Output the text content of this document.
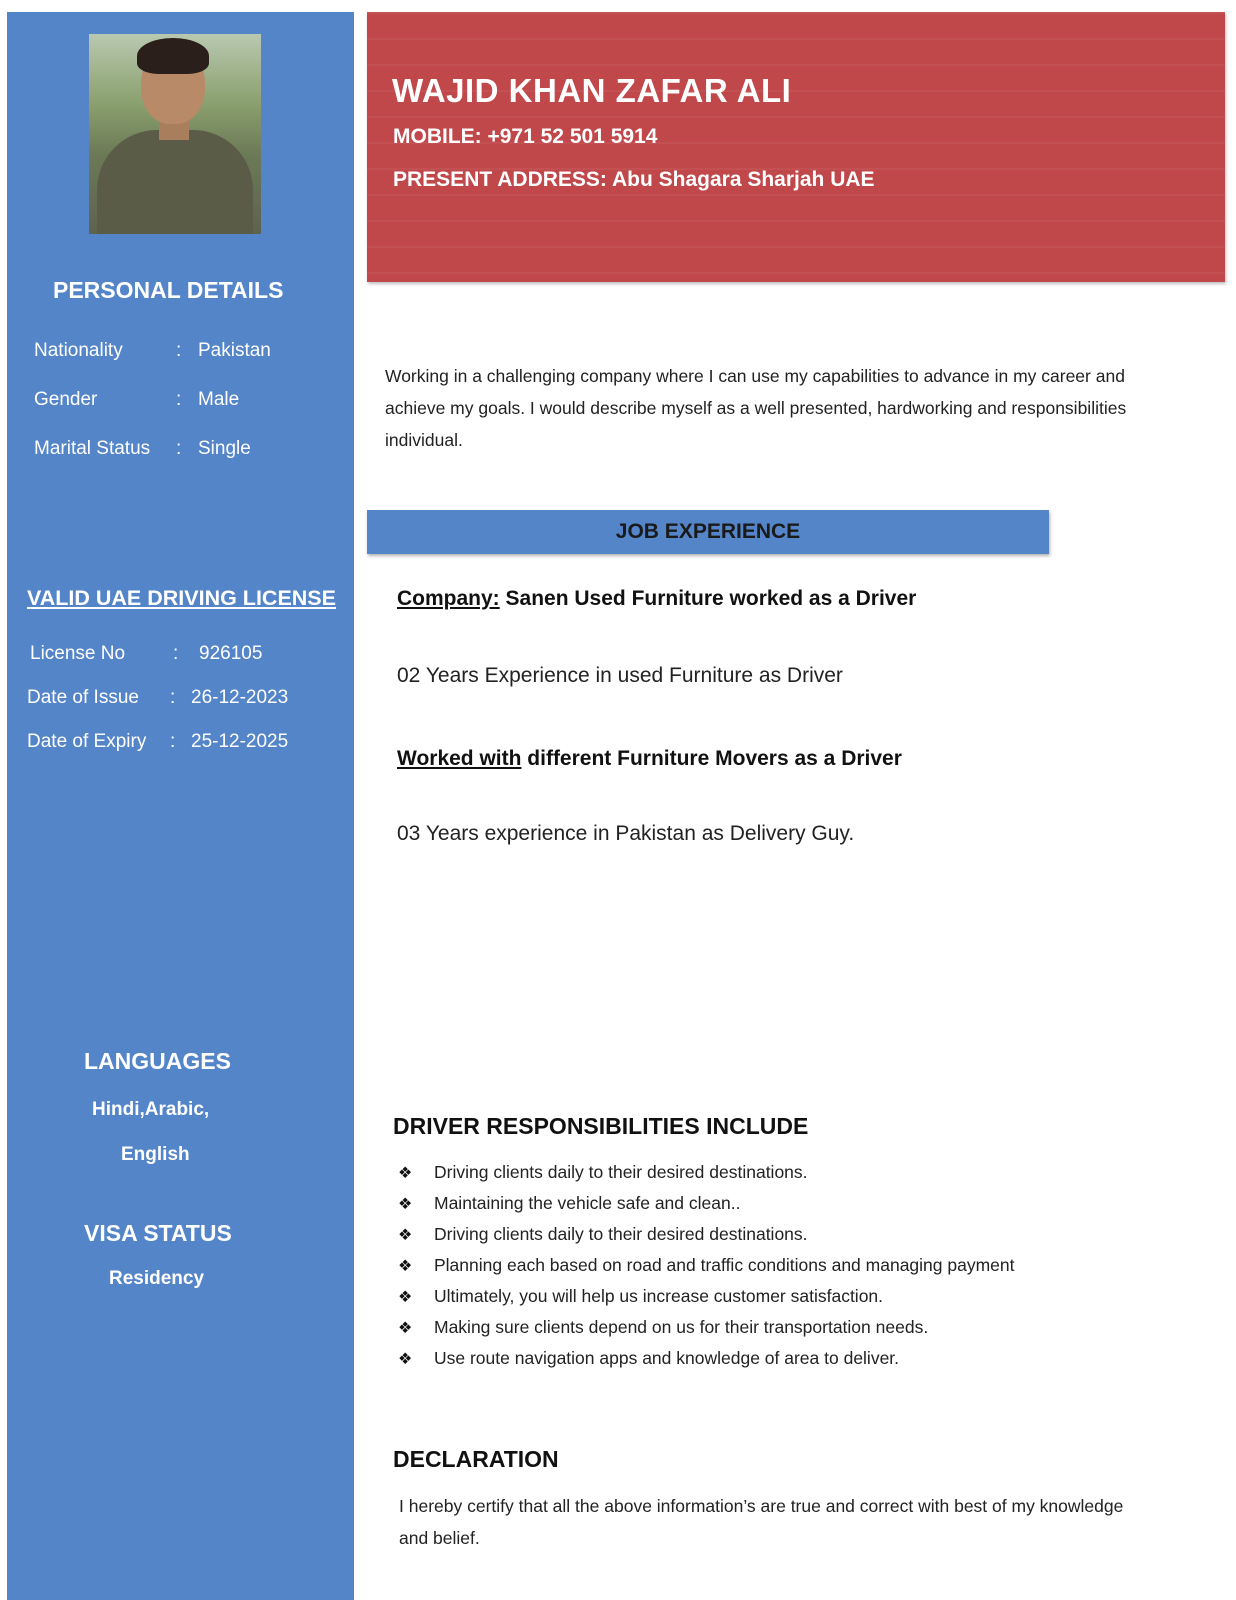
PERSONAL DETAILS
Nationality	: Pakistan
Gender	: Male
Marital Status : Single
VALID UAE DRIVING LICENSE
License No	: 926105
Date of Issue : 26-12-2023
Date of Expiry : 25-12-2025
LANGUAGES
Hindi,Arabic,
English
VISA STATUS
Residency
WAJID KHAN ZAFAR ALI
MOBILE: +971 52 501 5914
PRESENT ADDRESS: Abu Shagara Sharjah UAE
Working in a challenging company where I can use my capabilities to advance in my career and achieve my goals. I would describe myself as a well presented, hardworking and responsibilities individual.
JOB EXPERIENCE
Company: Sanen Used Furniture worked as a Driver
02 Years Experience in used Furniture as Driver
Worked with different Furniture Movers as a Driver
03 Years experience in Pakistan as Delivery Guy.
DRIVER RESPONSIBILITIES INCLUDE
❖ Driving clients daily to their desired destinations.
❖ Maintaining the vehicle safe and clean..
❖ Driving clients daily to their desired destinations.
❖ Planning each based on road and traffic conditions and managing payment
❖ Ultimately, you will help us increase customer satisfaction.
❖ Making sure clients depend on us for their transportation needs.
❖ Use route navigation apps and knowledge of area to deliver.
DECLARATION
I hereby certify that all the above information’s are true and correct with best of my knowledge and belief.
